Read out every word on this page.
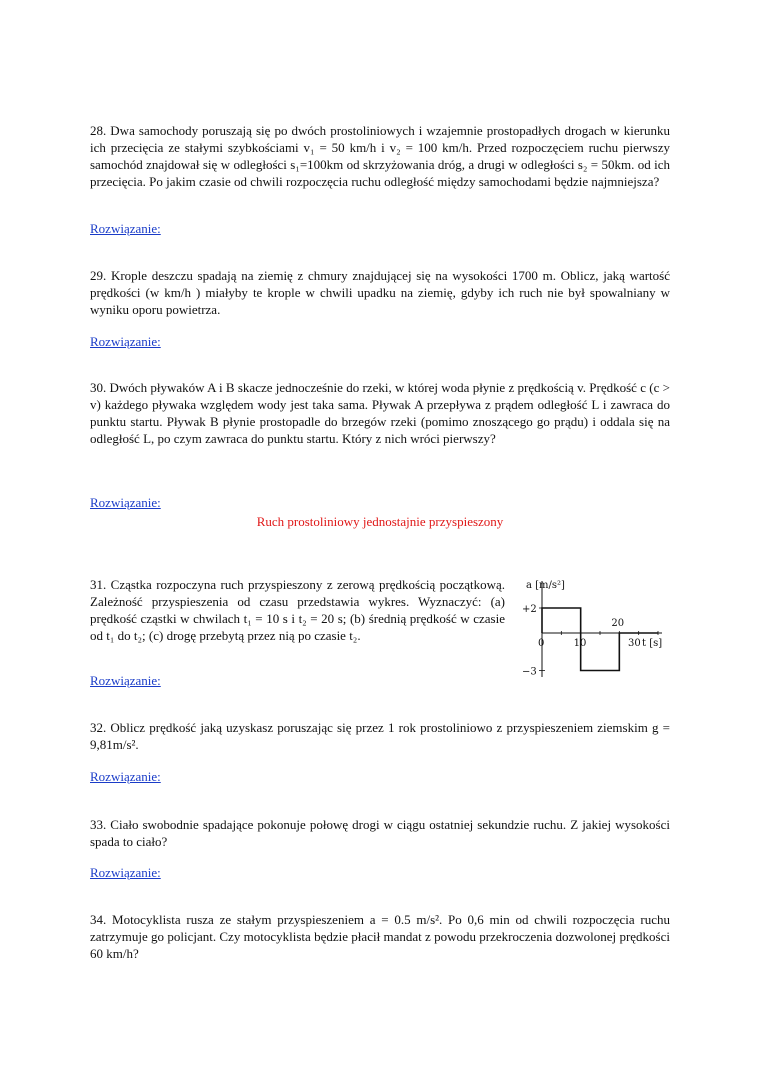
28. Dwa samochody poruszają się po dwóch prostoliniowych i wzajemnie prostopadłych drogach w kierunku ich przecięcia ze stałymi szybkościami v₁ = 50 km/h i v₂ = 100 km/h. Przed rozpoczęciem ruchu pierwszy samochód znajdował się w odległości s₁=100km od skrzyżowania dróg, a drugi w odległości s₂ = 50km. od ich przecięcia. Po jakim czasie od chwili rozpoczęcia ruchu odległość między samochodami będzie najmniejsza?

Rozwiązanie:

29. Krople deszczu spadają na ziemię z chmury znajdującej się na wysokości 1700 m. Oblicz, jaką wartość prędkości (w km/h ) miałyby te krople w chwili upadku na ziemię, gdyby ich ruch nie był spowalniany w wyniku oporu powietrza.

Rozwiązanie:

30. Dwóch pływaków A i B skacze jednocześnie do rzeki, w której woda płynie z prędkością v. Prędkość c (c > v) każdego pływaka względem wody jest taka sama. Pływak A przepływa z prądem odległość L i zawraca do punktu startu. Pływak B płynie prostopadle do brzegów rzeki (pomimo znoszącego go prądu) i oddala się na odległość L, po czym zawraca do punktu startu. Który z nich wróci pierwszy?

Rozwiązanie:
Ruch prostoliniowy jednostajnie przyspieszony

31. Cząstka rozpoczyna ruch przyspieszony z zerową prędkością początkową. Zależność przyspieszenia od czasu przedstawia wykres. Wyznaczyć: (a) prędkość cząstki w chwilach t₁ = 10 s i t₂ = 20 s; (b) średnią prędkość w czasie od t₁ do t₂; (c) drogę przebytą przez nią po czasie t₂.

Rozwiązanie:
a [m/s²]
t [s]
0	10
20
30
+2
−3

32. Oblicz prędkość jaką uzyskasz poruszając się przez 1 rok prostoliniowo z przyspieszeniem ziemskim g = 9,81m/s².

Rozwiązanie:

33. Ciało swobodnie spadające pokonuje połowę drogi w ciągu ostatniej sekundzie ruchu. Z jakiej wysokości spada to ciało?

Rozwiązanie:

34. Motocyklista rusza ze stałym przyspieszeniem a = 0.5 m/s². Po 0,6 min od chwili rozpoczęcia ruchu zatrzymuje go policjant. Czy motocyklista będzie płacił mandat z powodu przekroczenia dozwolonej prędkości 60 km/h?
